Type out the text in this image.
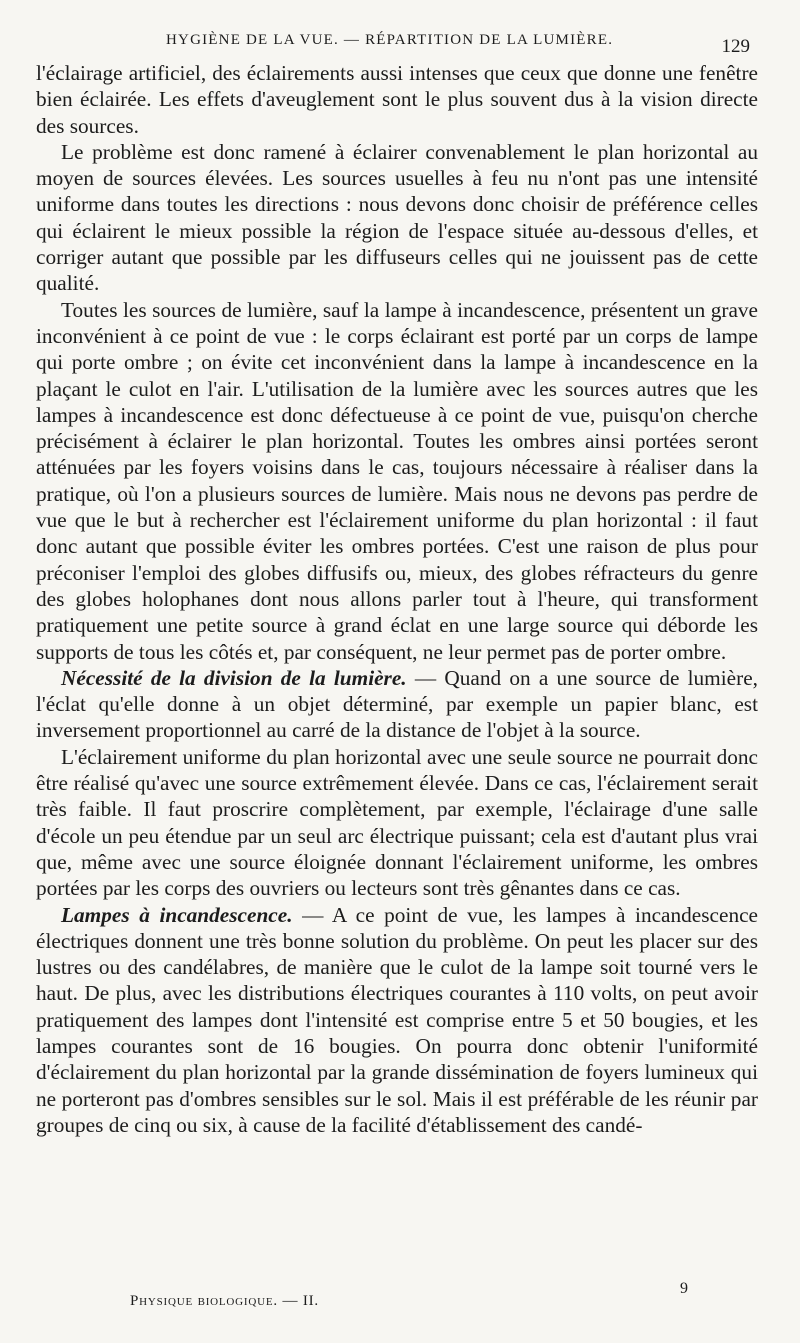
HYGIÈNE DE LA VUE. — RÉPARTITION DE LA LUMIÈRE.	129

l'éclairage artificiel, des éclairements aussi intenses que ceux que donne une fenêtre bien éclairée. Les effets d'aveuglement sont le plus souvent dus à la vision directe des sources.

Le problème est donc ramené à éclairer convenablement le plan horizontal au moyen de sources élevées. Les sources usuelles à feu nu n'ont pas une intensité uniforme dans toutes les directions : nous devons donc choisir de préférence celles qui éclairent le mieux possible la région de l'espace située au-dessous d'elles, et corriger autant que possible par les diffuseurs celles qui ne jouissent pas de cette qualité.

Toutes les sources de lumière, sauf la lampe à incandescence, présentent un grave inconvénient à ce point de vue : le corps éclairant est porté par un corps de lampe qui porte ombre ; on évite cet inconvénient dans la lampe à incandescence en la plaçant le culot en l'air. L'utilisation de la lumière avec les sources autres que les lampes à incandescence est donc défectueuse à ce point de vue, puisqu'on cherche précisément à éclairer le plan horizontal. Toutes les ombres ainsi portées seront atténuées par les foyers voisins dans le cas, toujours nécessaire à réaliser dans la pratique, où l'on a plusieurs sources de lumière. Mais nous ne devons pas perdre de vue que le but à rechercher est l'éclairement uniforme du plan horizontal : il faut donc autant que possible éviter les ombres portées. C'est une raison de plus pour préconiser l'emploi des globes diffusifs ou, mieux, des globes réfracteurs du genre des globes holophanes dont nous allons parler tout à l'heure, qui transforment pratiquement une petite source à grand éclat en une large source qui déborde les supports de tous les côtés et, par conséquent, ne leur permet pas de porter ombre.

Nécessité de la division de la lumière. — Quand on a une source de lumière, l'éclat qu'elle donne à un objet déterminé, par exemple un papier blanc, est inversement proportionnel au carré de la distance de l'objet à la source.

L'éclairement uniforme du plan horizontal avec une seule source ne pourrait donc être réalisé qu'avec une source extrêmement élevée. Dans ce cas, l'éclairement serait très faible. Il faut proscrire complètement, par exemple, l'éclairage d'une salle d'école un peu étendue par un seul arc électrique puissant; cela est d'autant plus vrai que, même avec une source éloignée donnant l'éclairement uniforme, les ombres portées par les corps des ouvriers ou lecteurs sont très gênantes dans ce cas.

Lampes à incandescence. — A ce point de vue, les lampes à incandescence électriques donnent une très bonne solution du problème. On peut les placer sur des lustres ou des candélabres, de manière que le culot de la lampe soit tourné vers le haut. De plus, avec les distributions électriques courantes à 110 volts, on peut avoir pratiquement des lampes dont l'intensité est comprise entre 5 et 50 bougies, et les lampes courantes sont de 16 bougies. On pourra donc obtenir l'uniformité d'éclairement du plan horizontal par la grande dissémination de foyers lumineux qui ne porteront pas d'ombres sensibles sur le sol. Mais il est préférable de les réunir par groupes de cinq ou six, à cause de la facilité d'établissement des candé-

Physique biologique. — II.
9
